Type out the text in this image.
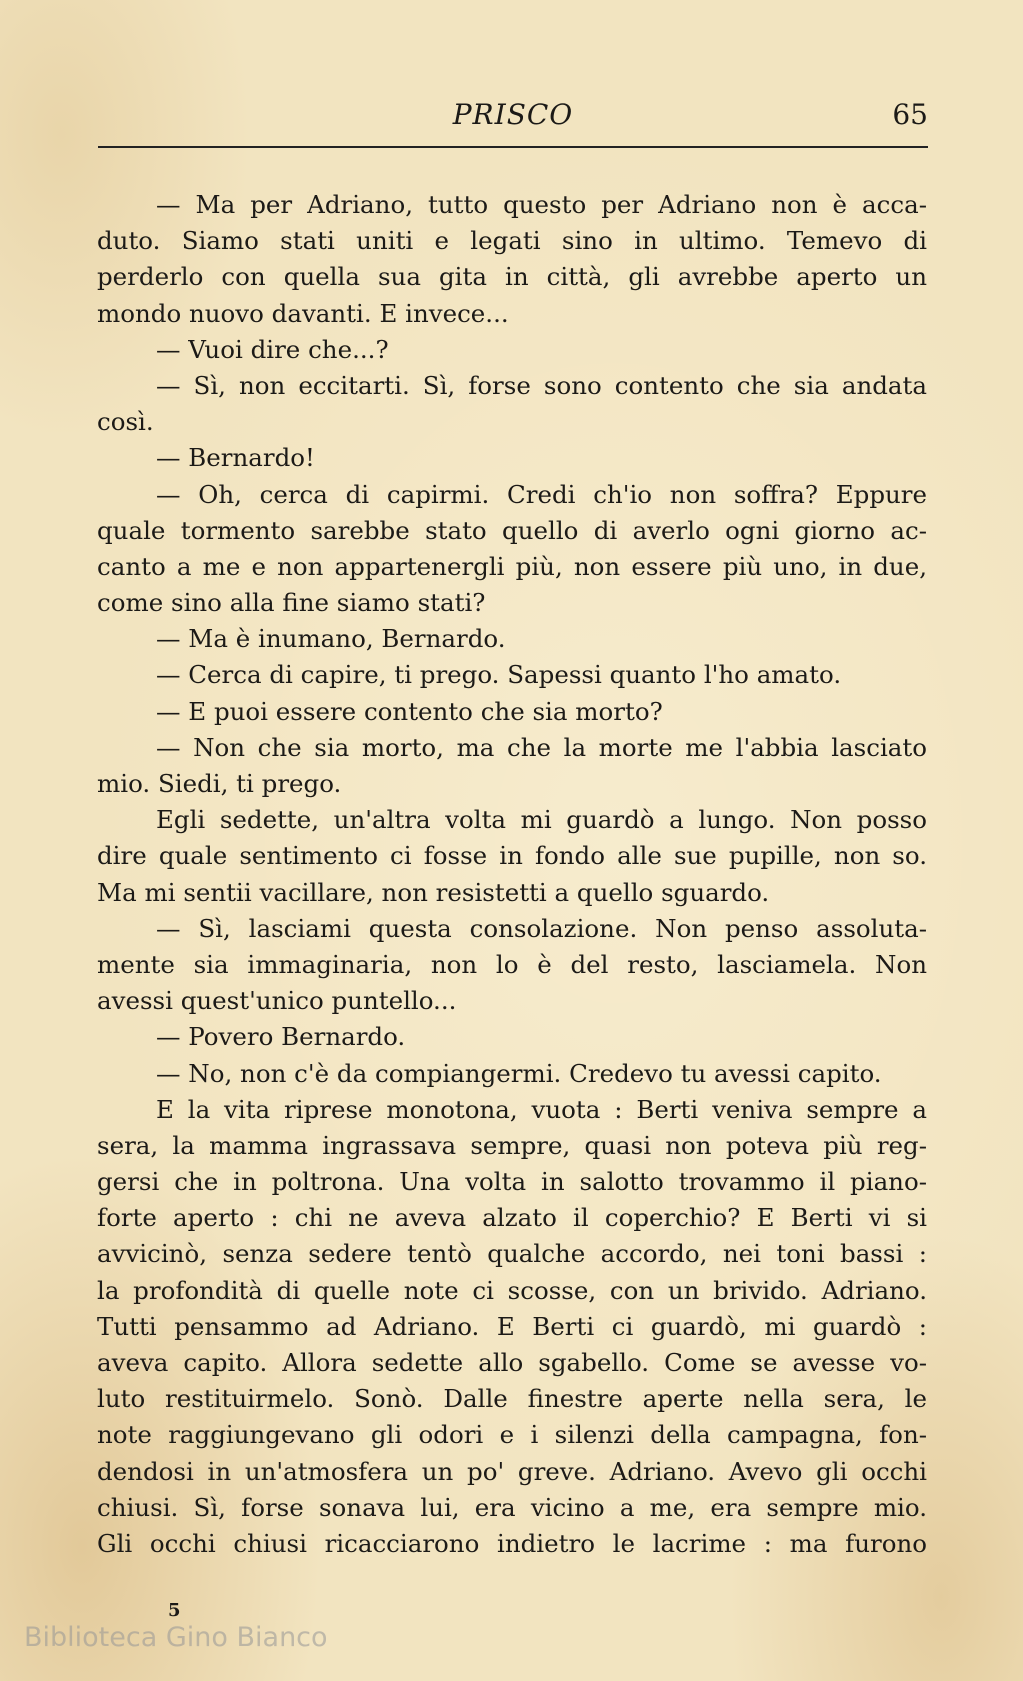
PRISCO	65
— Ma per Adriano, tutto questo per Adriano non è acca-
duto. Siamo stati uniti e legati sino in ultimo. Temevo di
perderlo con quella sua gita in città, gli avrebbe aperto un
mondo nuovo davanti. E invece...
— Vuoi dire che...?
— Sì, non eccitarti. Sì, forse sono contento che sia andata
così.
— Bernardo!
— Oh, cerca di capirmi. Credi ch'io non soffra? Eppure
quale tormento sarebbe stato quello di averlo ogni giorno ac-
canto a me e non appartenergli più, non essere più uno, in due,
come sino alla fine siamo stati?
— Ma è inumano, Bernardo.
— Cerca di capire, ti prego. Sapessi quanto l'ho amato.
— E puoi essere contento che sia morto?
— Non che sia morto, ma che la morte me l'abbia lasciato
mio. Siedi, ti prego.
Egli sedette, un'altra volta mi guardò a lungo. Non posso
dire quale sentimento ci fosse in fondo alle sue pupille, non so.
Ma mi sentii vacillare, non resistetti a quello sguardo.
— Sì, lasciami questa consolazione. Non penso assoluta-
mente sia immaginaria, non lo è del resto, lasciamela. Non
avessi quest'unico puntello...
— Povero Bernardo.
— No, non c'è da compiangermi. Credevo tu avessi capito.
E la vita riprese monotona, vuota : Berti veniva sempre a
sera, la mamma ingrassava sempre, quasi non poteva più reg-
gersi che in poltrona. Una volta in salotto trovammo il piano-
forte aperto : chi ne aveva alzato il coperchio? E Berti vi si
avvicinò, senza sedere tentò qualche accordo, nei toni bassi :
la profondità di quelle note ci scosse, con un brivido. Adriano.
Tutti pensammo ad Adriano. E Berti ci guardò, mi guardò :
aveva capito. Allora sedette allo sgabello. Come se avesse vo-
luto restituirmelo. Sonò. Dalle finestre aperte nella sera, le
note raggiungevano gli odori e i silenzi della campagna, fon-
dendosi in un'atmosfera un po' greve. Adriano. Avevo gli occhi
chiusi. Sì, forse sonava lui, era vicino a me, era sempre mio.
Gli occhi chiusi ricacciarono indietro le lacrime : ma furono
5
Biblioteca Gino Bianco
